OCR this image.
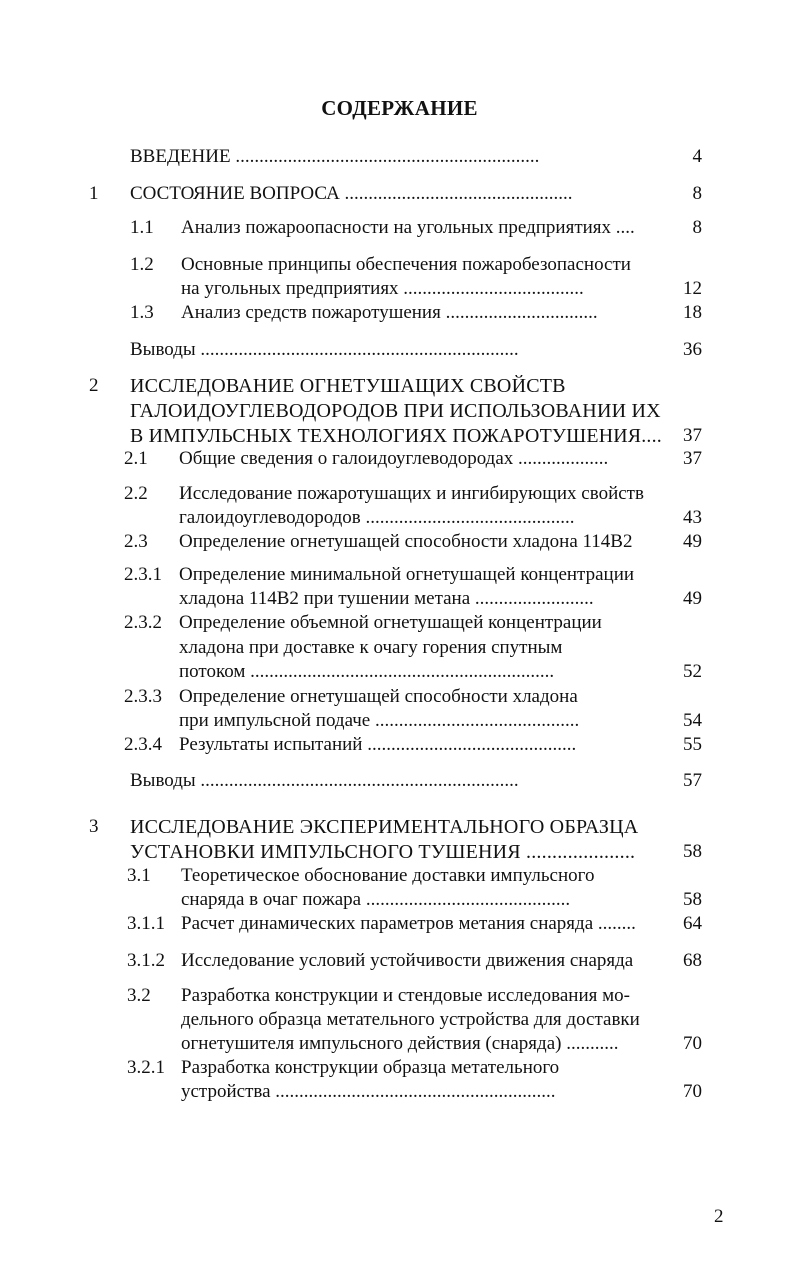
СОДЕРЖАНИЕ
ВВЕДЕНИЕ ................................................................	4
1 СОСТОЯНИЕ ВОПРОСА ................................................	8
1.1 Анализ пожароопасности на угольных предприятиях ....	8
1.2 Основные принципы обеспечения пожаробезопасности
на угольных предприятиях ......................................	12
1.3 Анализ средств пожаротушения ................................	18
Выводы ...................................................................	36
2 ИССЛЕДОВАНИЕ ОГНЕТУШАЩИХ СВОЙСТВ
ГАЛОИДОУГЛЕВОДОРОДОВ ПРИ ИСПОЛЬЗОВАНИИ ИХ
В ИМПУЛЬСНЫХ ТЕХНОЛОГИЯХ ПОЖАРОТУШЕНИЯ....	37
2.1 Общие сведения о галоидоуглеводородах ...................	37
2.2 Исследование пожаротушащих и ингибирующих свойств
галоидоуглеводородов ............................................	43
2.3 Определение огнетушащей способности хладона 114В2	49
2.3.1 Определение минимальной огнетушащей концентрации
хладона 114В2 при тушении метана .........................	49
2.3.2 Определение объемной огнетушащей концентрации
хладона при доставке к очагу горения спутным
потоком ................................................................	52
2.3.3 Определение огнетушащей способности хладона
при импульсной подаче ...........................................	54
2.3.4 Результаты испытаний ............................................	55
Выводы ...................................................................	57
3 ИССЛЕДОВАНИЕ ЭКСПЕРИМЕНТАЛЬНОГО ОБРАЗЦА
УСТАНОВКИ ИМПУЛЬСНОГО ТУШЕНИЯ .....................	58
3.1 Теоретическое обоснование доставки импульсного
снаряда в очаг пожара ...........................................	58
3.1.1 Расчет динамических параметров метания снаряда ........	64
3.1.2 Исследование условий устойчивости движения снаряда	68
3.2 Разработка конструкции и стендовые исследования мо-
дельного образца метательного устройства для доставки
огнетушителя импульсного действия (снаряда) ...........	70
3.2.1 Разработка конструкции образца метательного
устройства ...........................................................	70
2
